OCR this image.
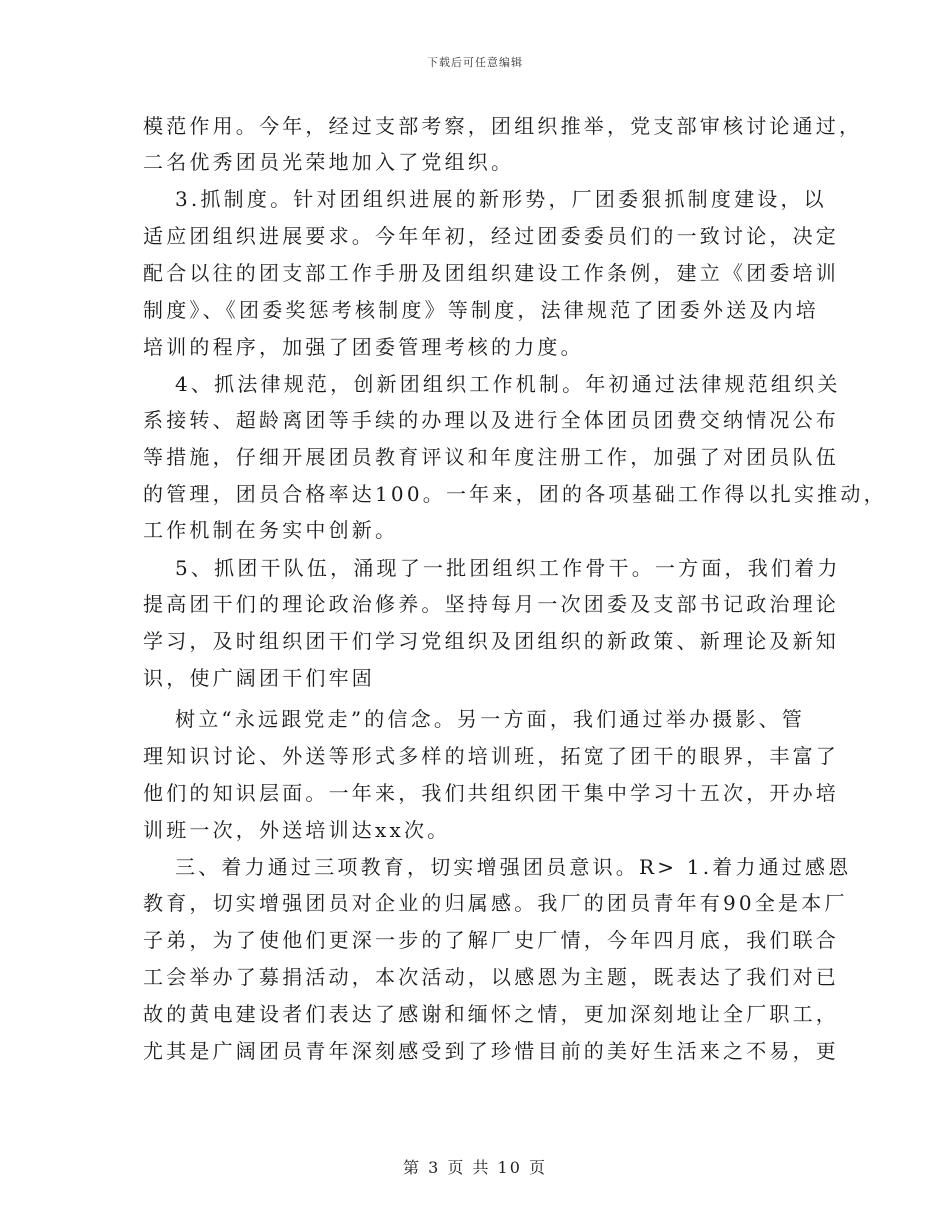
下载后可任意编辑
模范作用。今年，经过支部考察，团组织推举，党支部审核讨论通过，
二名优秀团员光荣地加入了党组织。
3.抓制度。针对团组织进展的新形势，厂团委狠抓制度建设，以
适应团组织进展要求。今年年初，经过团委委员们的一致讨论，决定
配合以往的团支部工作手册及团组织建设工作条例，建立《团委培训
制度》、《团委奖惩考核制度》等制度，法律规范了团委外送及内培
培训的程序，加强了团委管理考核的力度。
4、抓法律规范，创新团组织工作机制。年初通过法律规范组织关
系接转、超龄离团等手续的办理以及进行全体团员团费交纳情况公布
等措施，仔细开展团员教育评议和年度注册工作，加强了对团员队伍
的管理，团员合格率达100。一年来，团的各项基础工作得以扎实推动，
工作机制在务实中创新。
5、抓团干队伍，涌现了一批团组织工作骨干。一方面，我们着力
提高团干们的理论政治修养。坚持每月一次团委及支部书记政治理论
学习，及时组织团干们学习党组织及团组织的新政策、新理论及新知
识，使广阔团干们牢固
树立“永远跟党走”的信念。另一方面，我们通过举办摄影、管
理知识讨论、外送等形式多样的培训班，拓宽了团干的眼界，丰富了
他们的知识层面。一年来，我们共组织团干集中学习十五次，开办培
训班一次，外送培训达xx次。
三、着力通过三项教育，切实增强团员意识。R> 1.着力通过感恩
教育，切实增强团员对企业的归属感。我厂的团员青年有90全是本厂
子弟，为了使他们更深一步的了解厂史厂情，今年四月底，我们联合
工会举办了募捐活动，本次活动，以感恩为主题，既表达了我们对已
故的黄电建设者们表达了感谢和缅怀之情，更加深刻地让全厂职工，
尤其是广阔团员青年深刻感受到了珍惜目前的美好生活来之不易，更
第 3 页 共 10 页
